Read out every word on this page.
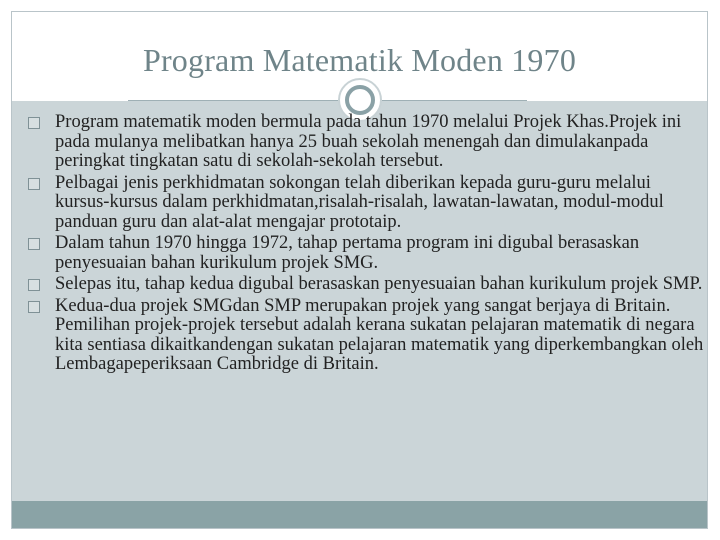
Program Matematik Moden 1970
Program matematik moden bermula pada tahun 1970 melalui Projek Khas.Projek ini pada mulanya melibatkan hanya 25 buah sekolah menengah dan dimulakanpada peringkat tingkatan satu di sekolah-sekolah tersebut.
Pelbagai jenis perkhidmatan sokongan telah diberikan kepada guru-guru melalui kursus-kursus dalam perkhidmatan,risalah-risalah, lawatan-lawatan, modul-modul panduan guru dan alat-alat mengajar prototaip.
Dalam tahun 1970 hingga 1972, tahap pertama program ini digubal berasaskan penyesuaian bahan kurikulum projek SMG.
Selepas itu, tahap kedua digubal berasaskan penyesuaian bahan kurikulum projek SMP.
Kedua-dua projek SMGdan SMP merupakan projek yang sangat berjaya di Britain. Pemilihan projek-projek tersebut adalah kerana sukatan pelajaran matematik di negara kita sentiasa dikaitkandengan sukatan pelajaran matematik yang diperkembangkan oleh Lembagapeperiksaan Cambridge di Britain.
